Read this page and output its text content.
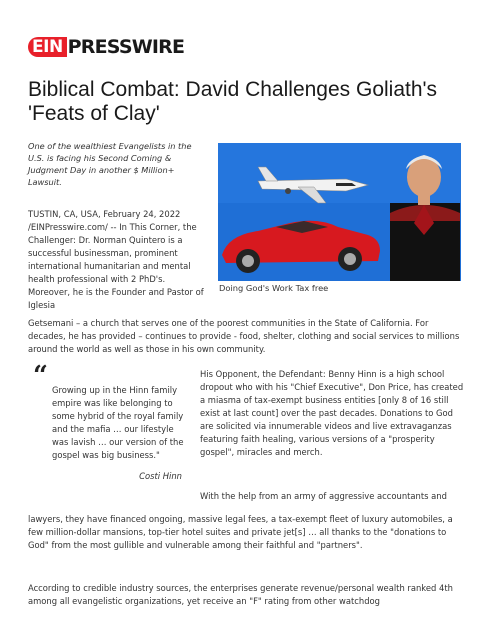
EIN PRESSWIRE
Biblical Combat: David Challenges Goliath's 'Feats of Clay'

One of the wealthiest Evangelists in the U.S. is facing his Second Coming & Judgment Day in another $ Million+ Lawsuit.

TUSTIN, CA, USA, February 24, 2022 /EINPresswire.com/ -- In This Corner, the Challenger: Dr. Norman Quintero is a successful businessman, prominent international humanitarian and mental health professional with 2 PhD's. Moreover, he is the Founder and Pastor of Iglesia

Doing God's Work Tax free

Getsemani – a church that serves one of the poorest communities in the State of California. For decades, he has provided – continues to provide - food, shelter, clothing and social services to millions around the world as well as those in his own community.

“ Growing up in the Hinn family empire was like belonging to some hybrid of the royal family and the mafia … our lifestyle was lavish … our version of the gospel was big business."

Costi Hinn

His Opponent, the Defendant: Benny Hinn is a high school dropout who with his "Chief Executive", Don Price, has created a miasma of tax-exempt business entities [only 8 of 16 still exist at last count] over the past decades. Donations to God are solicited via innumerable videos and live extravaganzas featuring faith healing, various versions of a "prosperity gospel", miracles and merch.

With the help from an army of aggressive accountants and

lawyers, they have financed ongoing, massive legal fees, a tax-exempt fleet of luxury automobiles, a few million-dollar mansions, top-tier hotel suites and private jet[s] … all thanks to the "donations to God" from the most gullible and vulnerable among their faithful and "partners".

According to credible industry sources, the enterprises generate revenue/personal wealth ranked 4th among all evangelistic organizations, yet receive an "F" rating from other watchdog
